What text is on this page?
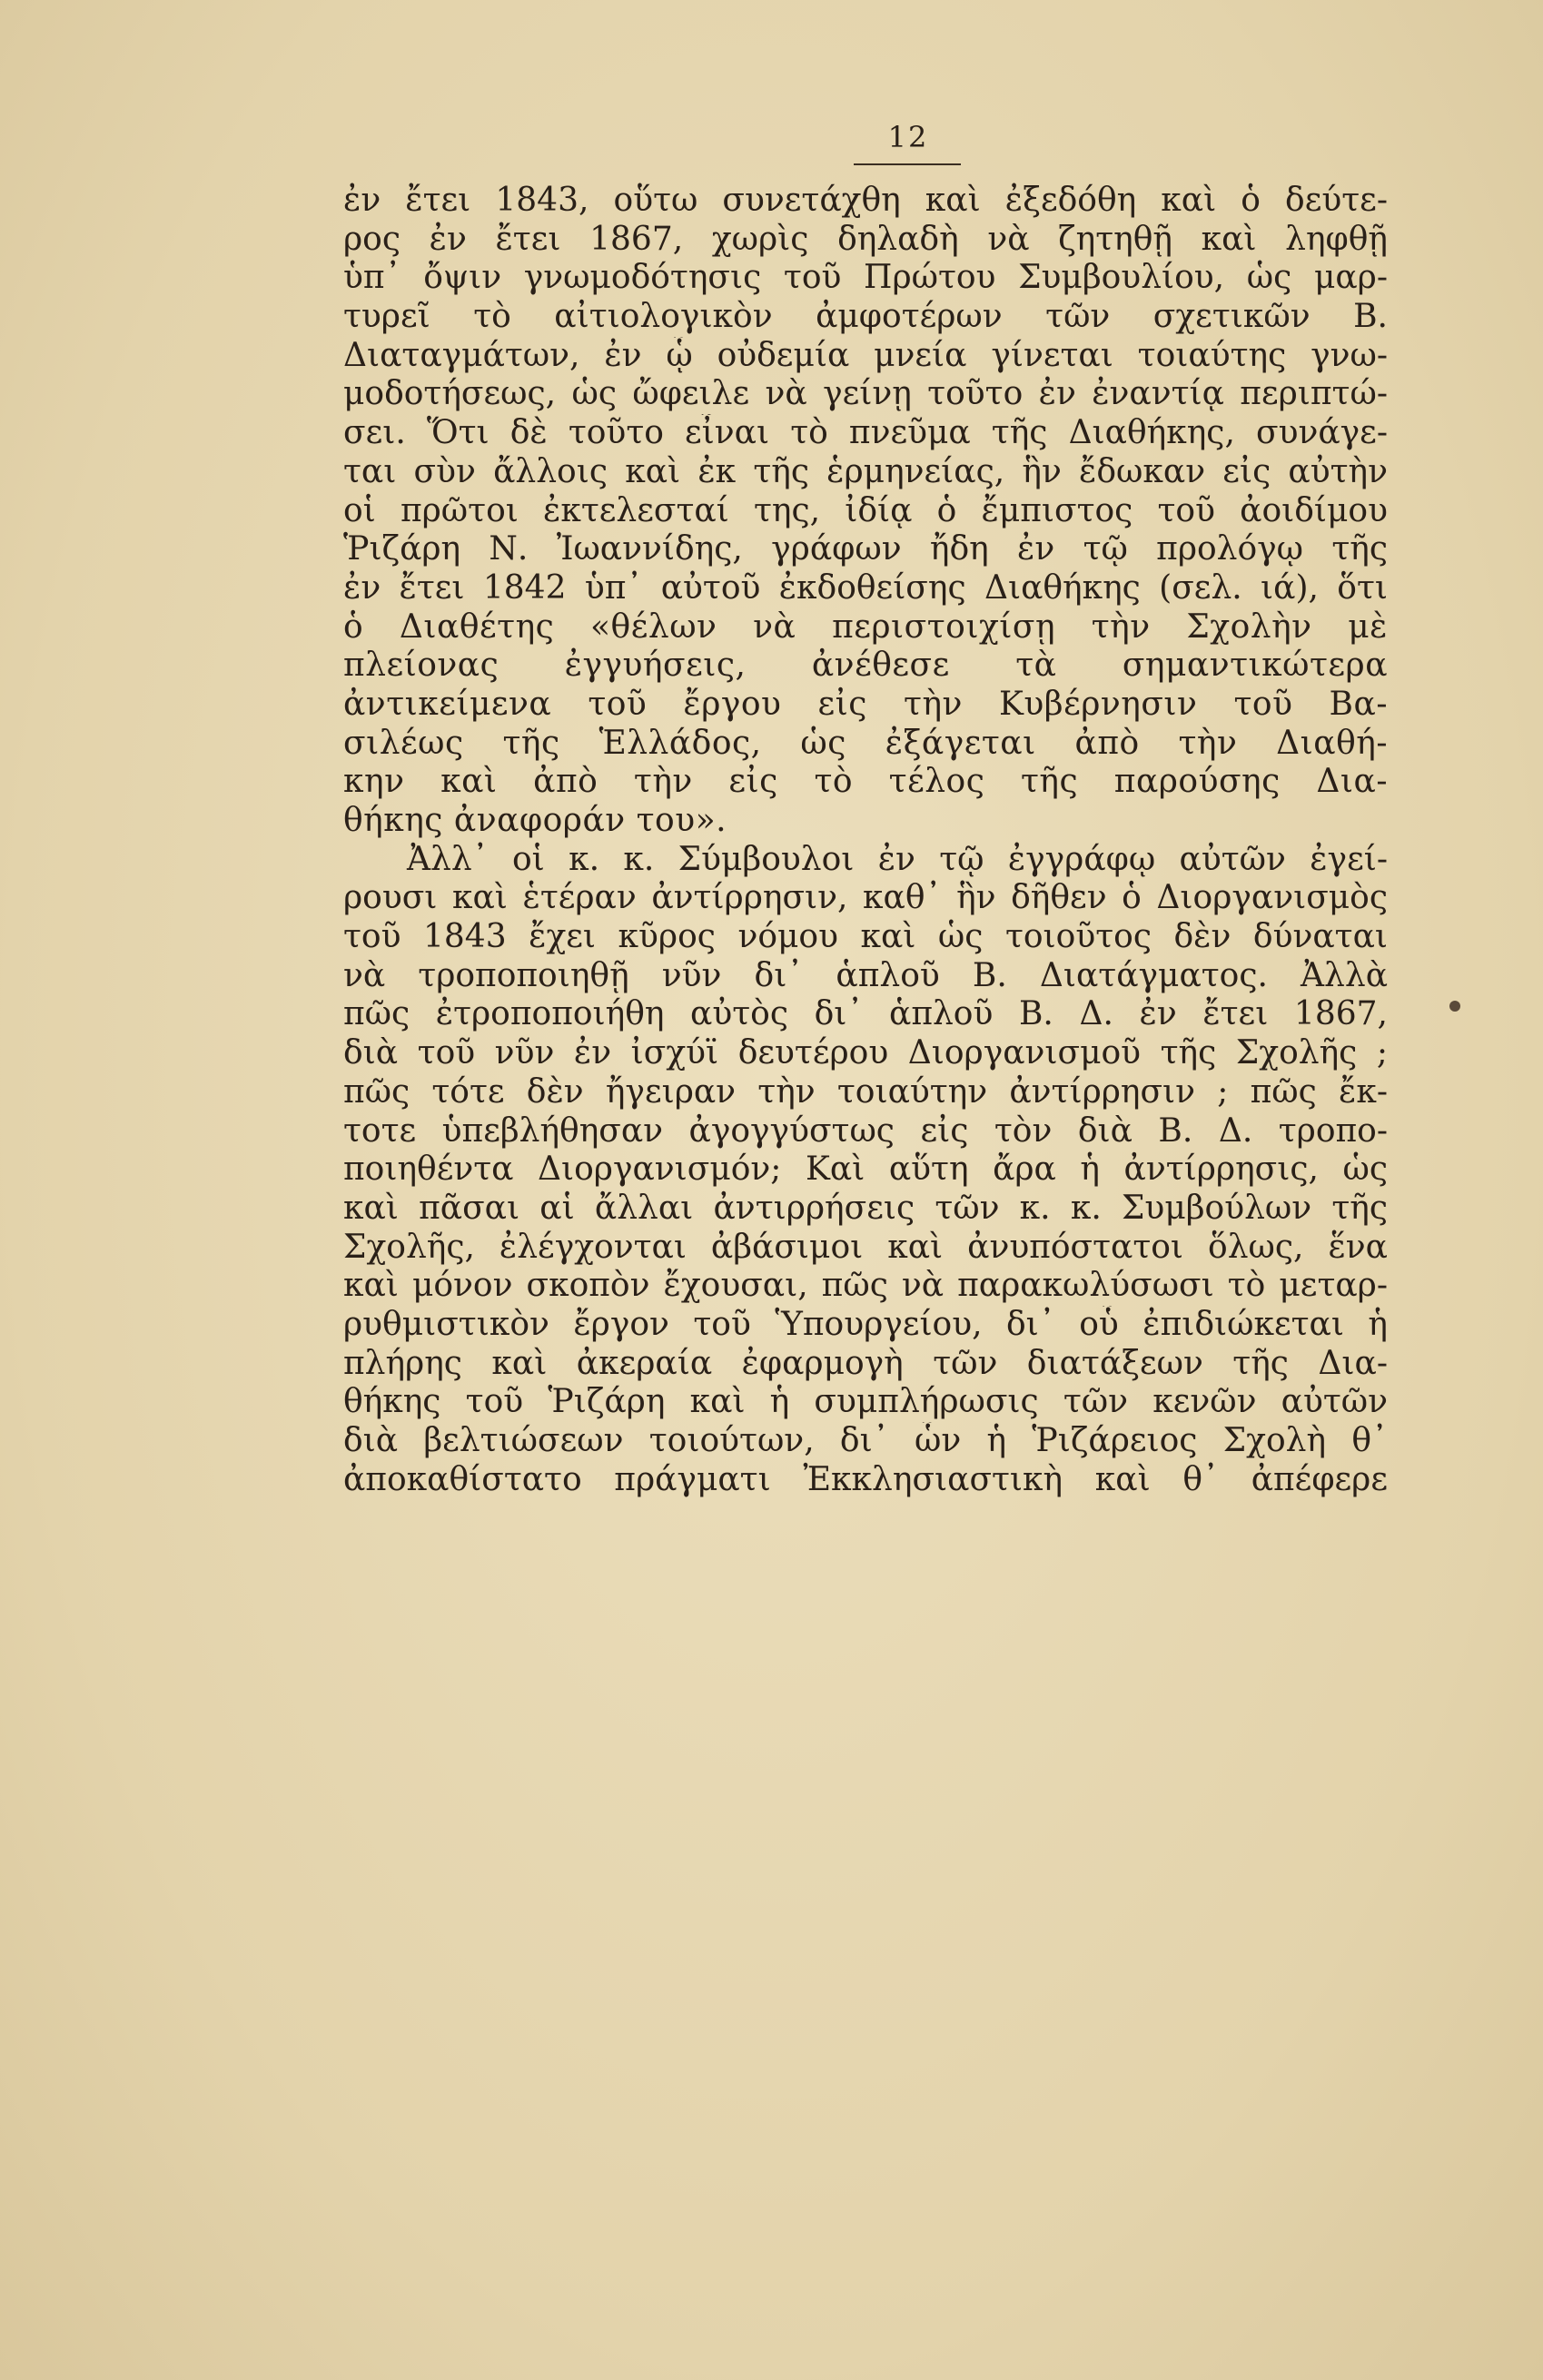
12
ἐν ἔτει 1843, οὕτω συνετάχθη καὶ ἐξεδόθη καὶ ὁ δεύτε-
ρος ἐν ἔτει 1867, χωρὶς δηλαδὴ νὰ ζητηθῇ καὶ ληφθῇ
ὑπ᾽ ὄψιν γνωμοδότησις τοῦ Πρώτου Συμβουλίου, ὡς μαρ-
τυρεῖ τὸ αἰτιολογικὸν ἀμφοτέρων τῶν σχετικῶν Β.
Διαταγμάτων, ἐν ᾧ οὐδεμία μνεία γίνεται τοιαύτης γνω-
μοδοτήσεως, ὡς ὤφειλε νὰ γείνῃ τοῦτο ἐν ἐναντίᾳ περιπτώ-
σει. Ὅτι δὲ τοῦτο εἶναι τὸ πνεῦμα τῆς Διαθήκης, συνάγε-
ται σὺν ἄλλοις καὶ ἐκ τῆς ἑρμηνείας, ἣν ἔδωκαν εἰς αὐτὴν
οἱ πρῶτοι ἐκτελεσταί της, ἰδίᾳ ὁ ἔμπιστος τοῦ ἀοιδίμου
Ῥιζάρη Ν. Ἰωαννίδης, γράφων ἤδη ἐν τῷ προλόγῳ τῆς
ἐν ἔτει 1842 ὑπ᾽ αὐτοῦ ἐκδοθείσης Διαθήκης (σελ. ιά), ὅτι
ὁ Διαθέτης «θέλων νὰ περιστοιχίσῃ τὴν Σχολὴν μὲ
πλείονας ἐγγυήσεις, ἀνέθεσε τὰ σημαντικώτερα
ἀντικείμενα τοῦ ἔργου εἰς τὴν Κυβέρνησιν τοῦ Βα-
σιλέως τῆς Ἑλλάδος, ὡς ἐξάγεται ἀπὸ τὴν Διαθή-
κην καὶ ἀπὸ τὴν εἰς τὸ τέλος τῆς παρούσης Δια-
θήκης ἀναφοράν του».
Ἀλλ᾽ οἱ κ. κ. Σύμβουλοι ἐν τῷ ἐγγράφῳ αὐτῶν ἐγεί-
ρουσι καὶ ἑτέραν ἀντίρρησιν, καθ᾽ ἣν δῆθεν ὁ Διοργανισμὸς
τοῦ 1843 ἔχει κῦρος νόμου καὶ ὡς τοιοῦτος δὲν δύναται
νὰ τροποποιηθῇ νῦν δι᾽ ἁπλοῦ Β. Διατάγματος. Ἀλλὰ
πῶς ἐτροποποιήθη αὐτὸς δι᾽ ἁπλοῦ Β. Δ. ἐν ἔτει 1867,
διὰ τοῦ νῦν ἐν ἰσχύϊ δευτέρου Διοργανισμοῦ τῆς Σχολῆς ;
πῶς τότε δὲν ἤγειραν τὴν τοιαύτην ἀντίρρησιν ; πῶς ἔκ-
τοτε ὑπεβλήθησαν ἀγογγύστως εἰς τὸν διὰ Β. Δ. τροπο-
ποιηθέντα Διοργανισμόν; Καὶ αὕτη ἄρα ἡ ἀντίρρησις, ὡς
καὶ πᾶσαι αἱ ἄλλαι ἀντιρρήσεις τῶν κ. κ. Συμβούλων τῆς
Σχολῆς, ἐλέγχονται ἀβάσιμοι καὶ ἀνυπόστατοι ὅλως, ἕνα
καὶ μόνον σκοπὸν ἔχουσαι, πῶς νὰ παρακωλύσωσι τὸ μεταρ-
ρυθμιστικὸν ἔργον τοῦ Ὑπουργείου, δι᾽ οὗ ἐπιδιώκεται ἡ
πλήρης καὶ ἀκεραία ἐφαρμογὴ τῶν διατάξεων τῆς Δια-
θήκης τοῦ Ῥιζάρη καὶ ἡ συμπλήρωσις τῶν κενῶν αὐτῶν
διὰ βελτιώσεων τοιούτων, δι᾽ ὧν ἡ Ῥιζάρειος Σχολὴ θ᾽
ἀποκαθίστατο πράγματι Ἐκκλησιαστικὴ καὶ θ᾽ ἀπέφερε
